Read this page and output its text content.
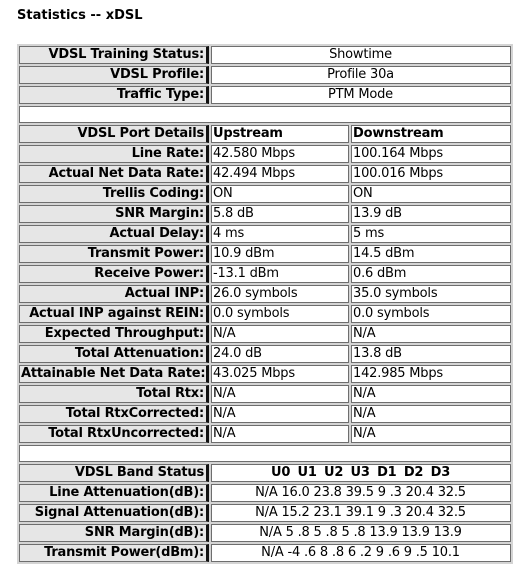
Statistics -- xDSL
VDSL Training Status:	Showtime	
VDSL Profile:	Profile 30a	
Traffic Type:	PTM Mode	

VDSL Port Details	Upstream	Downstream
Line Rate:	42.580 Mbps	100.164 Mbps
Actual Net Data Rate:	42.494 Mbps	100.016 Mbps
Trellis Coding:	ON	ON
SNR Margin:	5.8 dB	13.9 dB
Actual Delay:	4 ms	5 ms
Transmit Power:	10.9 dBm	14.5 dBm
Receive Power:	-13.1 dBm	0.6 dBm
Actual INP:	26.0 symbols	35.0 symbols
Actual INP against REIN:	0.0 symbols	0.0 symbols
Expected Throughput:	N/A	N/A
Total Attenuation:	24.0 dB	13.8 dB
Attainable Net Data Rate:	43.025 Mbps	142.985 Mbps
Total Rtx:	N/A	N/A
Total RtxCorrected:	N/A	N/A
Total RtxUncorrected:	N/A	N/A

VDSL Band Status	U0 U1 U2 U3 D1 D2 D3	
Line Attenuation(dB):	N/A 16.0 23.8 39.5 9 .3 20.4 32.5	
Signal Attenuation(dB):	N/A 15.2 23.1 39.1 9 .3 20.4 32.5	
SNR Margin(dB):	N/A 5 .8 5 .8 5 .8 13.9 13.9 13.9	
Transmit Power(dBm):	N/A -4 .6 8 .8 6 .2 9 .6 9 .5 10.1	
